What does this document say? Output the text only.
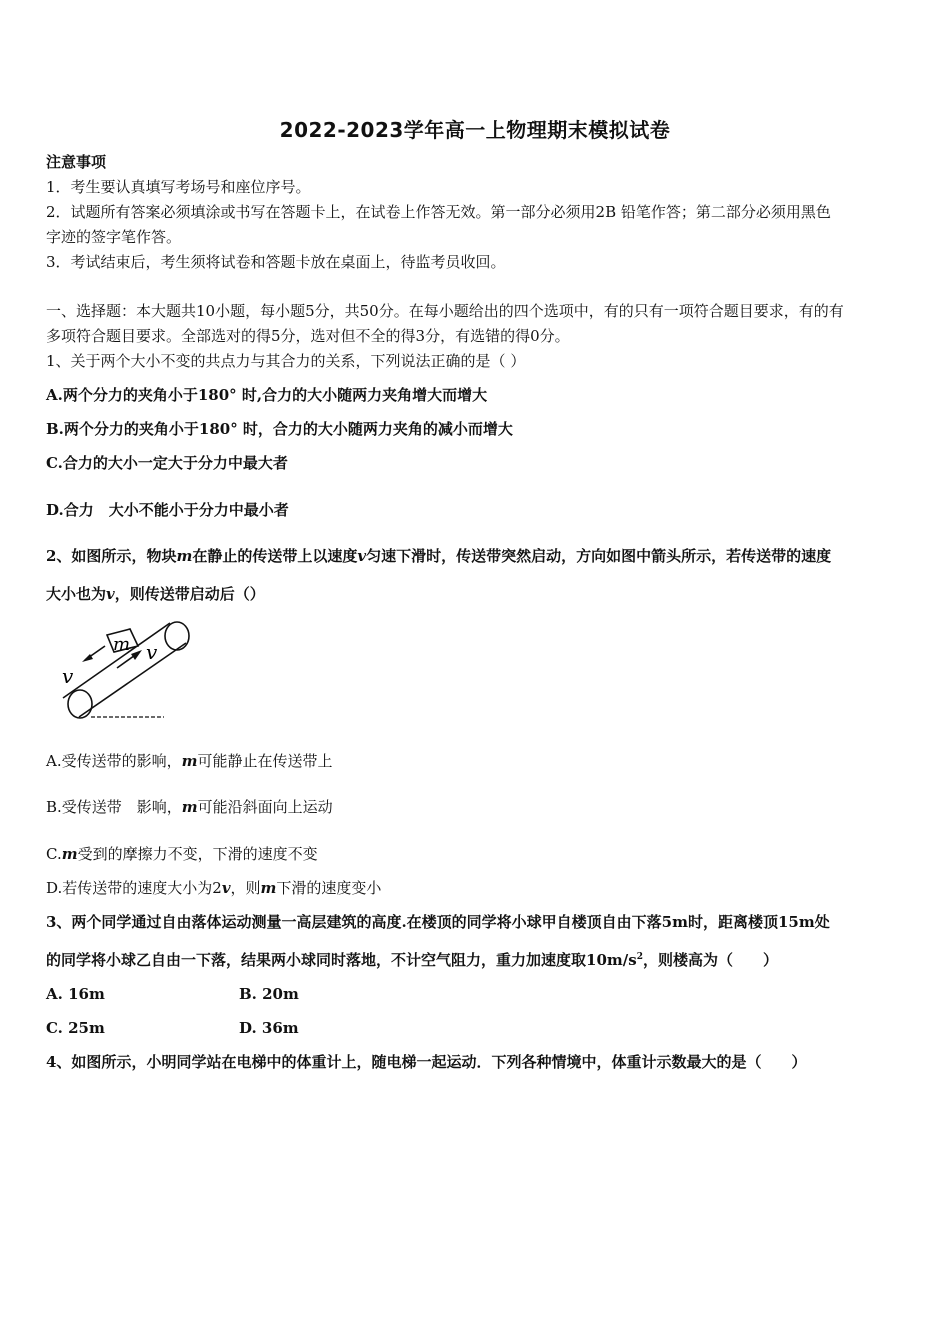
2022-2023学年高一上物理期末模拟试卷
注意事项
1．考生要认真填写考场号和座位序号。
2．试题所有答案必须填涂或书写在答题卡上，在试卷上作答无效。第一部分必须用2B 铅笔作答；第二部分必须用黑色
字迹的签字笔作答。
3．考试结束后，考生须将试卷和答题卡放在桌面上，待监考员收回。
一、选择题：本大题共10小题，每小题5分，共50分。在每小题给出的四个选项中，有的只有一项符合题目要求，有的有
多项符合题目要求。全部选对的得5分，选对但不全的得3分，有选错的得0分。
1、关于两个大小不变的共点力与其合力的关系，下列说法正确的是（ ）
A.两个分力的夹角小于180° 时,合力的大小随两力夹角增大而增大
B.两个分力的夹角小于180° 时，合力的大小随两力夹角的减小而增大
C.合力的大小一定大于分力中最大者
D.合力　大小不能小于分力中最小者
2、如图所示，物块m在静止的传送带上以速度v匀速下滑时，传送带突然启动，方向如图中箭头所示，若传送带的速度
大小也为v，则传送带启动后（）
m v
v
A.受传送带的影响，m可能静止在传送带上
B.受传送带　影响，m可能沿斜面向上运动
C.m受到的摩擦力不变，下滑的速度不变
D.若传送带的速度大小为2v，则m下滑的速度变小
3、两个同学通过自由落体运动测量一高层建筑的高度.在楼顶的同学将小球甲自楼顶自由下落5m时，距离楼顶15m处
的同学将小球乙自由一下落，结果两小球同时落地，不计空气阻力，重力加速度取$10m/s^2$，则楼高为（　　）
A. 16m	B. 20m
C. 25m	D. 36m
4、如图所示，小明同学站在电梯中的体重计上，随电梯一起运动．下列各种情境中，体重计示数最大的是（　　）
